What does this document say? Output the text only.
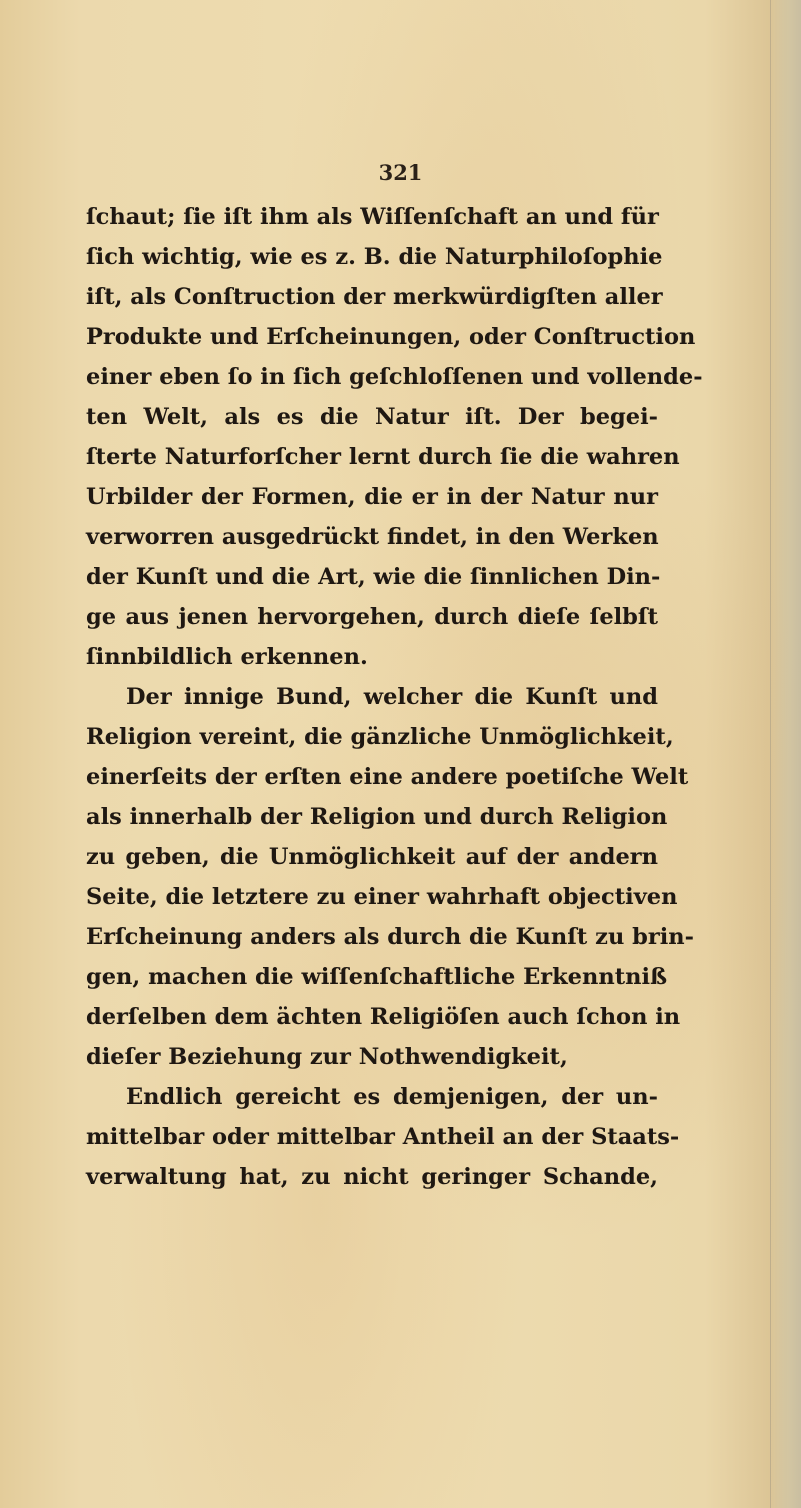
321
ſchaut; ſie iſt ihm als Wiſſenſchaft an und für
ſich wichtig, wie es z. B. die Naturphiloſophie
iſt, als Conſtruction der merkwürdigſten aller
Produkte und Erſcheinungen, oder Conſtruction
einer eben ſo in ſich geſchloſſenen und vollende-
ten Welt, als es die Natur iſt. Der begei-
ſterte Naturforſcher lernt durch ſie die wahren
Urbilder der Formen, die er in der Natur nur
verworren ausgedrückt findet, in den Werken
der Kunſt und die Art, wie die ſinnlichen Din-
ge aus jenen hervorgehen, durch dieſe ſelbſt
ſinnbildlich erkennen.
Der innige Bund, welcher die Kunſt und
Religion vereint, die gänzliche Unmöglichkeit,
einerſeits der erſten eine andere poetiſche Welt
als innerhalb der Religion und durch Religion
zu geben, die Unmöglichkeit auf der andern
Seite, die letztere zu einer wahrhaft objectiven
Erſcheinung anders als durch die Kunſt zu brin-
gen, machen die wiſſenſchaftliche Erkenntniß
derſelben dem ächten Religiöſen auch ſchon in
dieſer Beziehung zur Nothwendigkeit,
Endlich gereicht es demjenigen, der un-
mittelbar oder mittelbar Antheil an der Staats-
verwaltung hat, zu nicht geringer Schande,
